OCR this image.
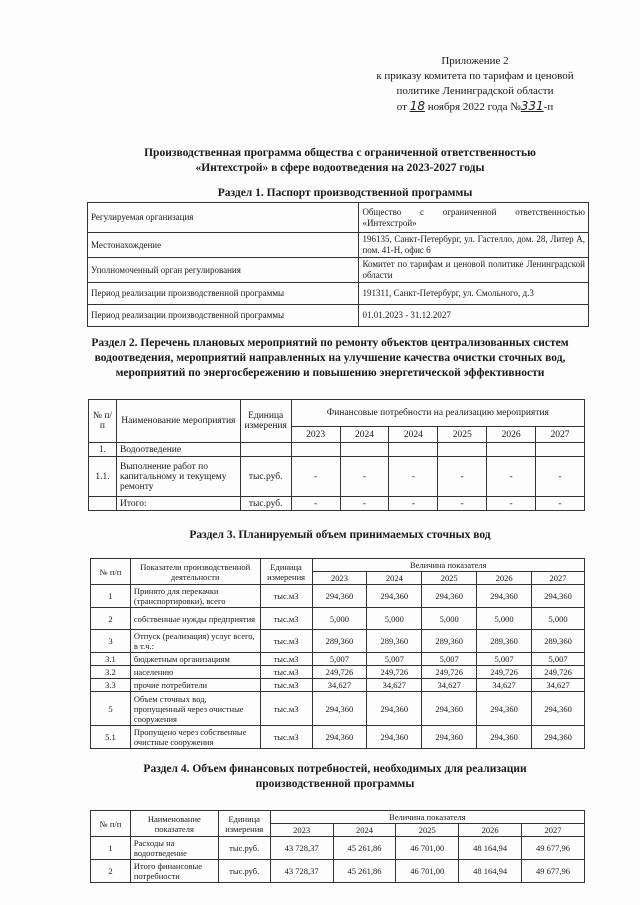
Приложение 2
к приказу комитета по тарифам и ценовой
политике Ленинградской области
от 18 ноября 2022 года №331-п
Производственная программа общества с ограниченной ответственностью
«Интехстрой» в сфере водоотведения на 2023-2027 годы
Раздел 1. Паспорт производственной программы
Регулируемая организация	Общество с ограниченной ответственностью «Интехстрой»
Местонахождение	196135, Санкт-Петербург, ул. Гастелло, дом. 28, Литер А, пом. 41-Н, офис 6
Уполномоченный орган регулирования	Комитет по тарифам и ценовой политике Ленинградской области
Период реализации производственной программы	191311, Санкт-Петербург, ул. Смольного, д.3
Период реализации производственной программы	01.01.2023 - 31.12.2027
Раздел 2. Перечень плановых мероприятий по ремонту объектов централизованных систем
водоотведения, мероприятий направленных на улучшение качества очистки сточных вод,
мероприятий по энергосбережению и повышению энергетической эффективности
№ п/п	Наименование мероприятия	Единица измерения	Финансовые потребности на реализацию мероприятия					
			2023	2024	2024	2025	2026	2027
1.	Водоотведение							
1.1.	Выполнение работ по капитальному и текущему ремонту	тыс.руб.	-	-	-	-	-	-
	Итого:	тыс.руб.	-	-	-	-	-	-
Раздел 3. Планируемый объем принимаемых сточных вод
№ п/п	Показатели производственной деятельности	Единица измерения	Величина показателя				
			2023	2024	2025	2026	2027
1	Принято для перекачки (транспортировки), всего	тыс.м3	294,360	294,360	294,360	294,360	294,360
2	собственные нужды предприятия	тыс.м3	5,000	5,000	5,000	5,000	5,000
3	Отпуск (реализация) услуг всего, в т.ч.:	тыс.м3	289,360	289,360	289,360	289,360	289,360
3.1	бюджетным организациям	тыс.м3	5,007	5,007	5,007	5,007	5,007
3.2	населению	тыс.м3	249,726	249,726	249,726	249,726	249,726
3.3	прочие потребители	тыс.м3	34,627	34,627	34,627	34,627	34,627
5	Объем сточных вод, пропущенный через очистные сооружения	тыс.м3	294,360	294,360	294,360	294,360	294,360
5.1	Пропущено через собственные очистные сооружения	тыс.м3	294,360	294,360	294,360	294,360	294,360
Раздел 4. Объем финансовых потребностей, необходимых для реализации
производственной программы
№ п/п	Наименование показателя	Единица измерения	Величина показателя				
			2023	2024	2025	2026	2027
1	Расходы на водоотведение	тыс.руб.	43 728,37	45 261,86	46 701,00	48 164,94	49 677,96
2	Итого финансовые потребности	тыс.руб.	43 728,37	45 261,86	46 701,00	48 164,94	49 677,96
